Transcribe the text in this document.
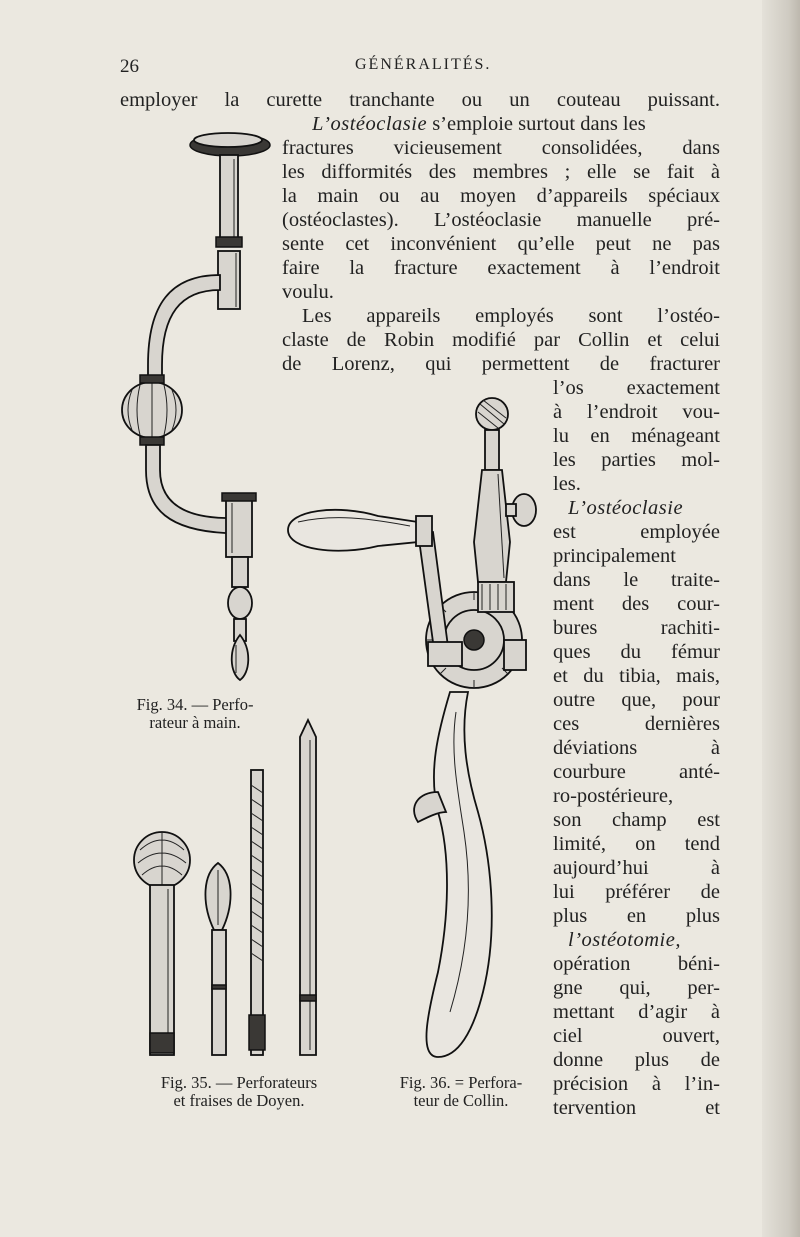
26	GÉNÉRALITÉS.
employer la curette tranchante ou un couteau puissant.
L’ostéoclasie s’emploie surtout dans les
fractures vicieusement consolidées, dans
les difformités des membres ; elle se fait à
la main ou au moyen d’appareils spéciaux
(ostéoclastes). L’ostéoclasie manuelle pré-
sente cet inconvénient qu’elle peut ne pas
faire la fracture exactement à l’endroit
voulu.
Les appareils employés sont l’ostéo-
claste de Robin modifié par Collin et celui
de Lorenz, qui permettent de fracturer
l’os exactement
à l’endroit vou-
lu en ménageant
les parties mol-
les.
L’ostéoclasie
est employée
principalement
dans le traite-
ment des cour-
bures rachiti-
ques du fémur
et du tibia, mais,
outre que, pour
ces dernières
déviations à
courbure anté-
ro-postérieure,
son champ est
limité, on tend
aujourd’hui à
lui préférer de
plus en plus
l’ostéotomie,
opération béni-
gne qui, per-
mettant d’agir à
ciel ouvert,
donne plus de
précision à l’in-
tervention et
Fig. 34. — Perfo-
rateur à main.
Fig. 35. — Perforateurs
et fraises de Doyen.
Fig. 36. = Perfora-
teur de Collin.
